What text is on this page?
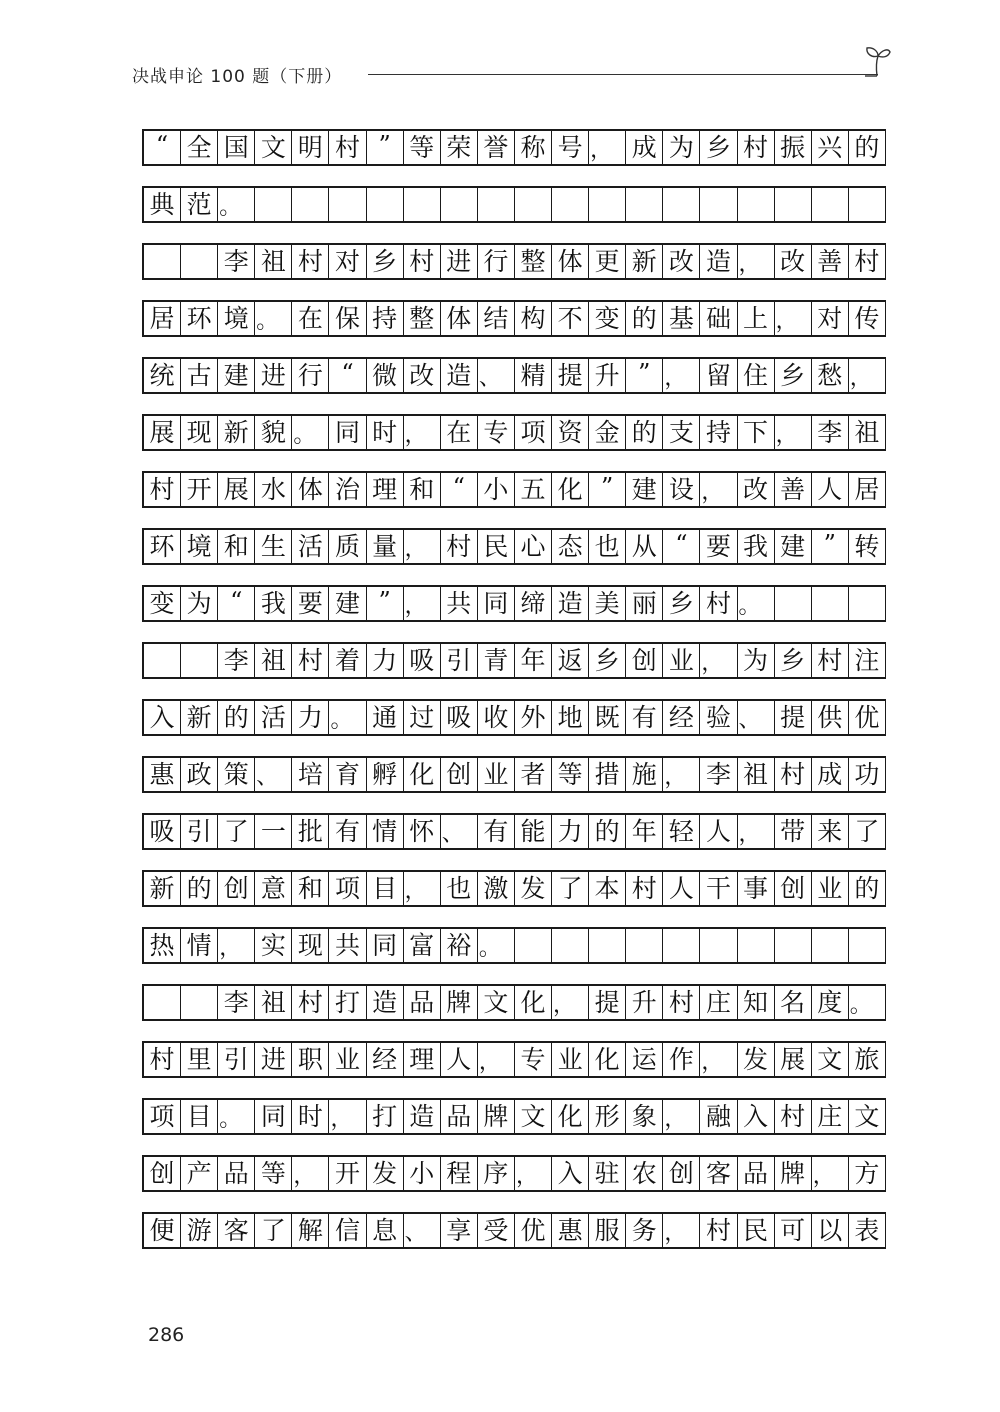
决战申论 100 题（下册）
“ 全 国 文 明 村 ” 等 荣 誉 称 号 ， 成 为 乡 村 振 兴 的
典 范 。
李 祖 村 对 乡 村 进 行 整 体 更 新 改 造 ， 改 善 村
居 环 境 。 在 保 持 整 体 结 构 不 变 的 基 础 上 ， 对 传
统 古 建 进 行 “ 微 改 造 、 精 提 升 ” ， 留 住 乡 愁 ，
展 现 新 貌 。 同 时 ， 在 专 项 资 金 的 支 持 下 ， 李 祖
村 开 展 水 体 治 理 和 “ 小 五 化 ” 建 设 ， 改 善 人 居
环 境 和 生 活 质 量 ， 村 民 心 态 也 从 “ 要 我 建 ” 转
变 为 “ 我 要 建 ” ， 共 同 缔 造 美 丽 乡 村 。
李 祖 村 着 力 吸 引 青 年 返 乡 创 业 ， 为 乡 村 注
入 新 的 活 力 。 通 过 吸 收 外 地 既 有 经 验 、 提 供 优
惠 政 策 、 培 育 孵 化 创 业 者 等 措 施 ， 李 祖 村 成 功
吸 引 了 一 批 有 情 怀 、 有 能 力 的 年 轻 人 ， 带 来 了
新 的 创 意 和 项 目 ， 也 激 发 了 本 村 人 干 事 创 业 的
热 情 ， 实 现 共 同 富 裕 。
李 祖 村 打 造 品 牌 文 化 ， 提 升 村 庄 知 名 度 。
村 里 引 进 职 业 经 理 人 ， 专 业 化 运 作 ， 发 展 文 旅
项 目 。 同 时 ， 打 造 品 牌 文 化 形 象 ， 融 入 村 庄 文
创 产 品 等 ， 开 发 小 程 序 ， 入 驻 农 创 客 品 牌 ， 方
便 游 客 了 解 信 息 、 享 受 优 惠 服 务 ， 村 民 可 以 表
286
